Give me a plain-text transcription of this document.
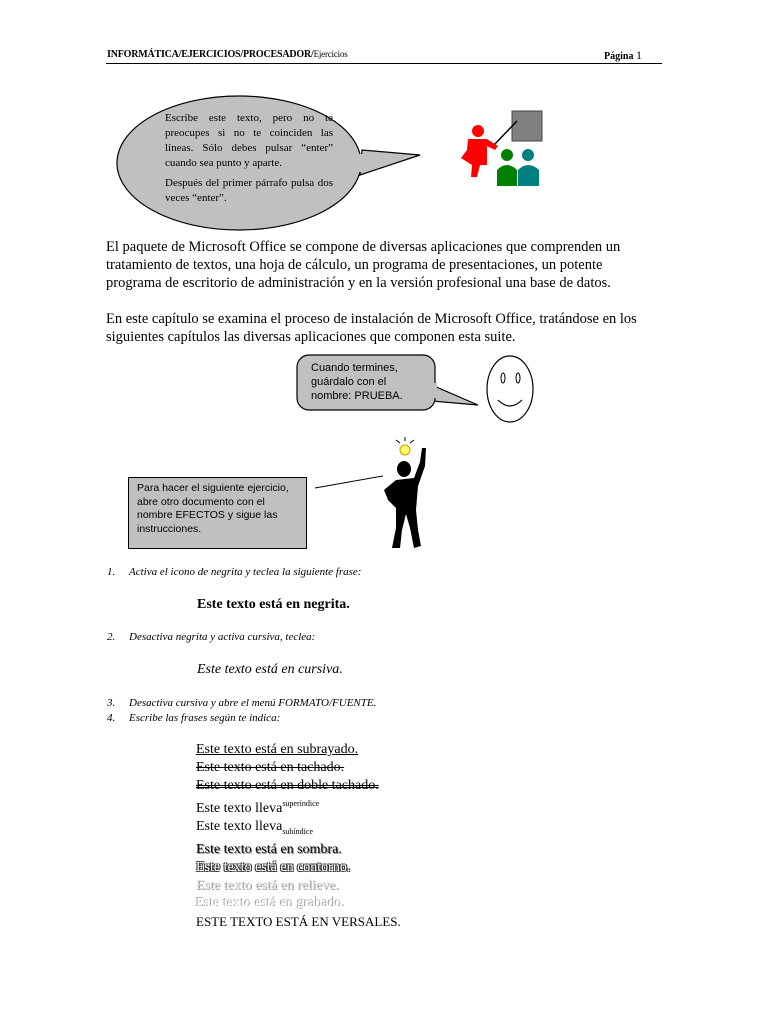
INFORMÁTICA/EJERCICIOS/PROCESADOR/Ejercicios	Página 1

Escribe este texto, pero no te preocupes si no te coinciden las líneas. Sólo debes pulsar “enter” cuando sea punto y aparte.

Después del primer párrafo pulsa dos veces “enter”.

El paquete de Microsoft Office se compone de diversas aplicaciones que comprenden un tratamiento de textos, una hoja de cálculo, un programa de presentaciones, un potente programa de escritorio de administración y en la versión profesional una base de datos.
En este capítulo se examina el proceso de instalación de Microsoft Office, tratándose en los siguientes capítulos las diversas aplicaciones que componen esta suite.
Cuando termines, guárdalo con el nombre: PRUEBA.
Para hacer el siguiente ejercicio, abre otro documento con el nombre EFECTOS y sigue las instrucciones.
1. Activa el icono de negrita y teclea la siguiente frase:
Este texto está en negrita.
2. Desactiva negrita y activa cursiva, teclea:
Este texto está en cursiva.
3. Desactiva cursiva y abre el menú FORMATO/FUENTE.
4. Escribe las frases según te indica:
Este texto está en subrayado.
Este texto está en tachado.
Este texto está en doble tachado.
Este texto lleva$^{superíndice}$
Este texto lleva$_{subíndice}$
Este texto está en sombra.
Este texto está en contorno.
Este texto está en relieve.
Este texto está en grabado.
ESTE TEXTO ESTÁ EN VERSALES.
